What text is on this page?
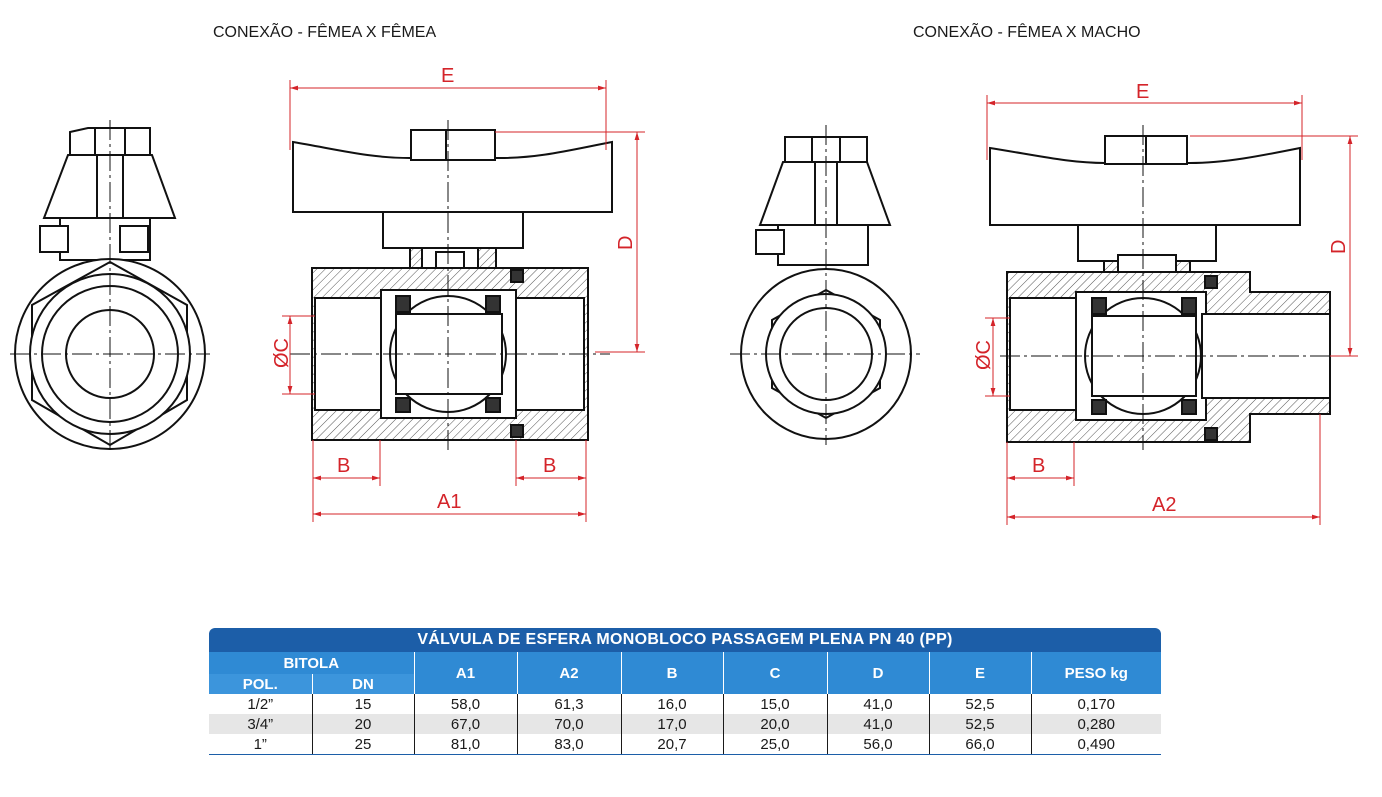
CONEXÃO - FÊMEA X FÊMEA	CONEXÃO - FÊMEA X MACHO
E
D
ØC
B	B
A1
E
D
ØC
B
A2
VÁLVULA DE ESFERA MONOBLOCO PASSAGEM PLENA PN 40 (PP)								
BITOLA		A1	A2	B	C	D	E	PESO kg
POL.	DN							
1/2”	15	58,0	61,3	16,0	15,0	41,0	52,5	0,170
3/4”	20	67,0	70,0	17,0	20,0	41,0	52,5	0,280
1”	25	81,0	83,0	20,7	25,0	56,0	66,0	0,490
